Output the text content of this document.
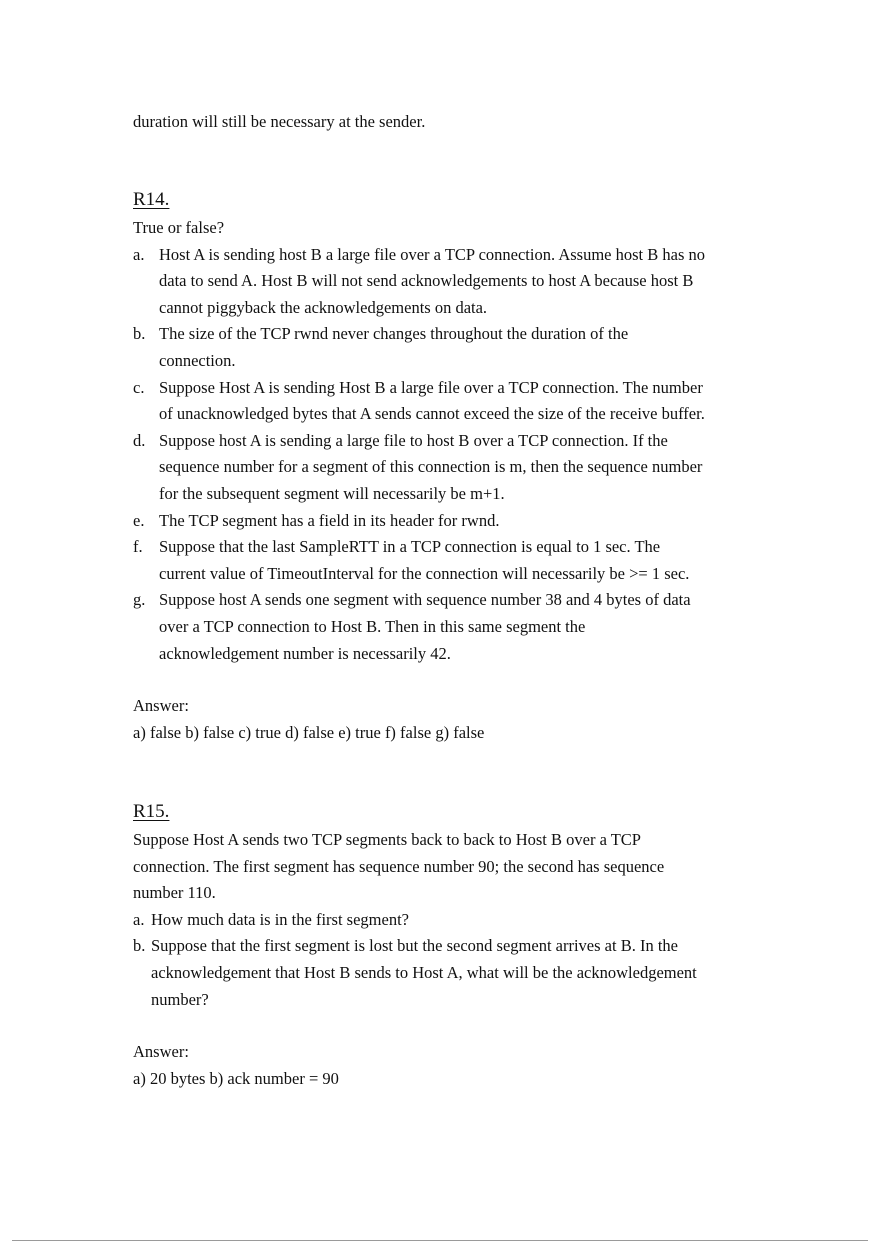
duration will still be necessary at the sender.
R14.
True or false?
a. Host A is sending host B a large file over a TCP connection. Assume host B has no
data to send A. Host B will not send acknowledgements to host A because host B
cannot piggyback the acknowledgements on data.
b. The size of the TCP rwnd never changes throughout the duration of the
connection.
c. Suppose Host A is sending Host B a large file over a TCP connection. The number
of unacknowledged bytes that A sends cannot exceed the size of the receive buffer.
d. Suppose host A is sending a large file to host B over a TCP connection. If the
sequence number for a segment of this connection is m, then the sequence number
for the subsequent segment will necessarily be m+1.
e. The TCP segment has a field in its header for rwnd.
f. Suppose that the last SampleRTT in a TCP connection is equal to 1 sec. The
current value of TimeoutInterval for the connection will necessarily be >= 1 sec.
g. Suppose host A sends one segment with sequence number 38 and 4 bytes of data
over a TCP connection to Host B. Then in this same segment the
acknowledgement number is necessarily 42.
Answer:
a) false b) false c) true d) false e) true f) false g) false
R15.
Suppose Host A sends two TCP segments back to back to Host B over a TCP
connection. The first segment has sequence number 90; the second has sequence
number 110.
a. How much data is in the first segment?
b. Suppose that the first segment is lost but the second segment arrives at B. In the
acknowledgement that Host B sends to Host A, what will be the acknowledgement
number?
Answer:
a) 20 bytes b) ack number = 90
